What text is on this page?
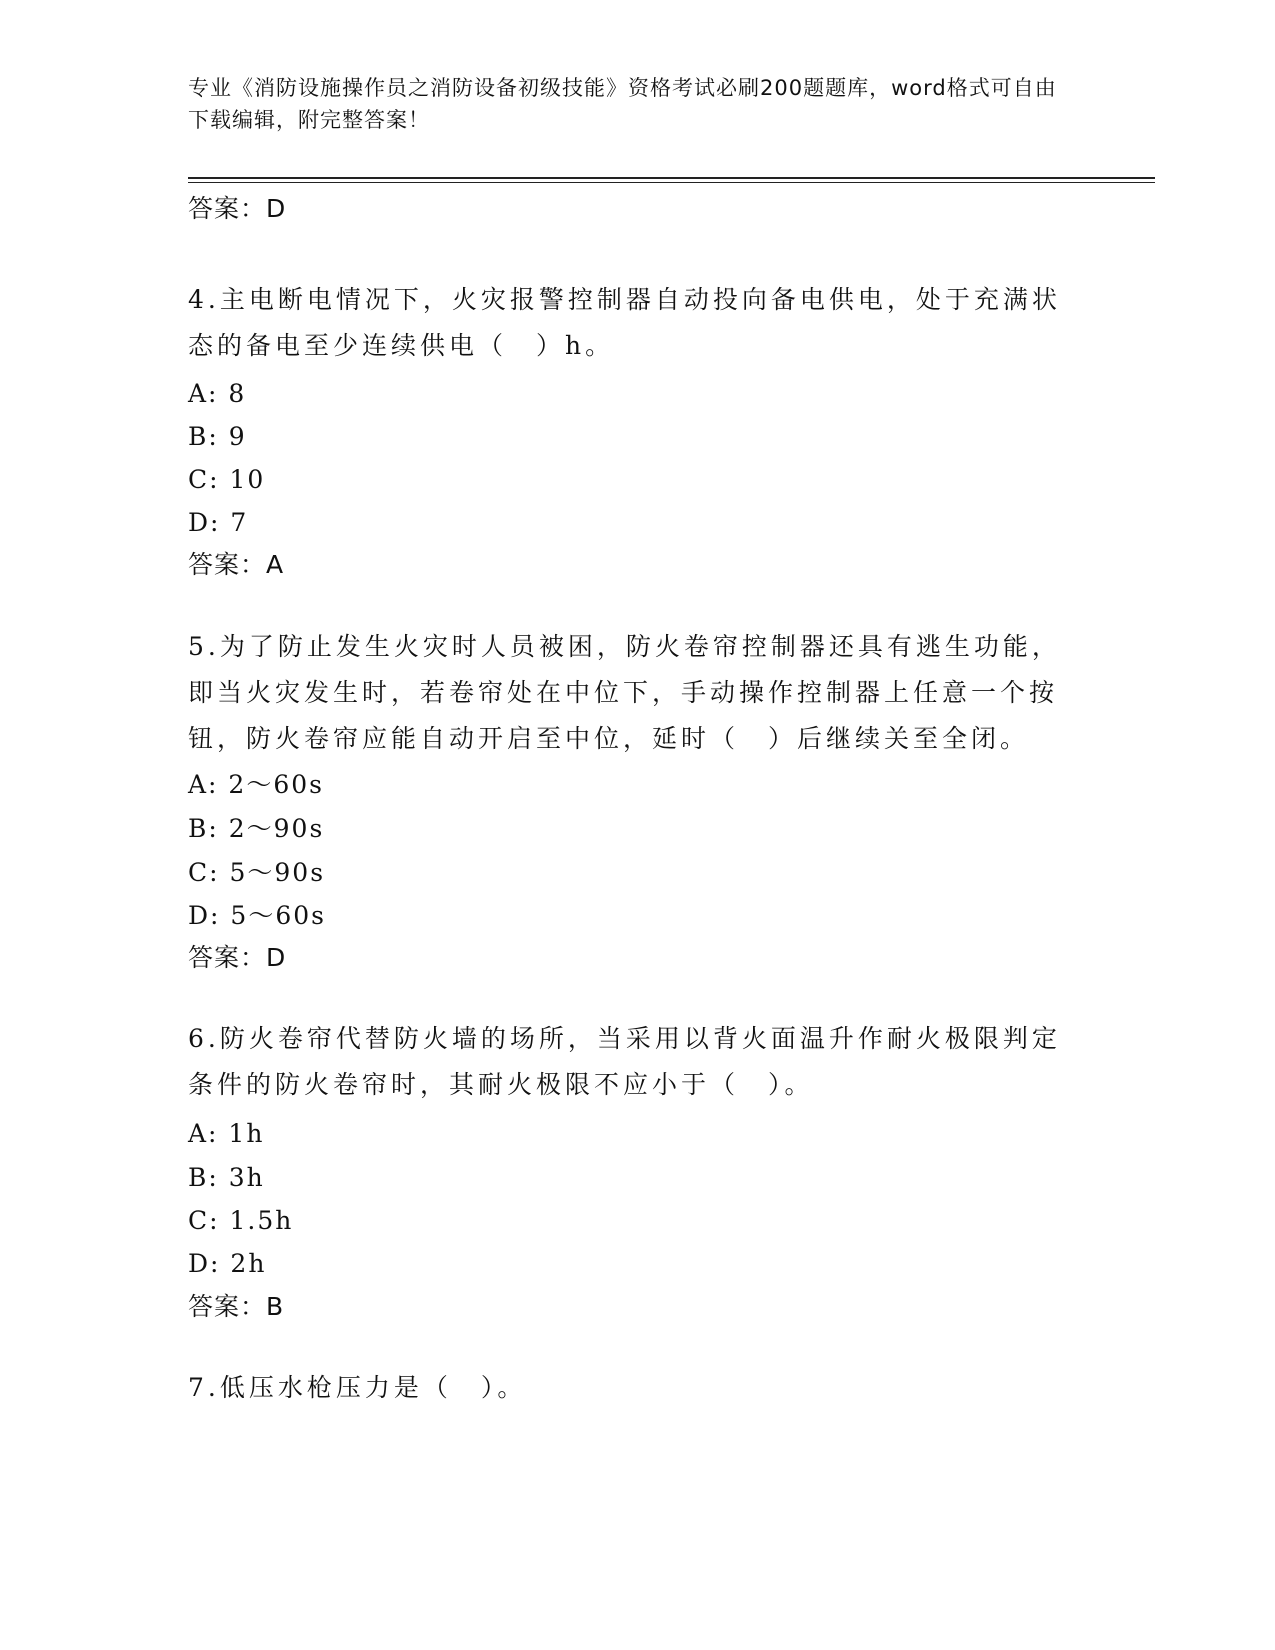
专业《消防设施操作员之消防设备初级技能》资格考试必刷200题题库，word格式可自由下载编辑，附完整答案！
答案：D
4.主电断电情况下，火灾报警控制器自动投向备电供电，处于充满状态的备电至少连续供电（　）h。
A: 8
B: 9
C: 10
D: 7
答案：A
5.为了防止发生火灾时人员被困，防火卷帘控制器还具有逃生功能，即当火灾发生时，若卷帘处在中位下，手动操作控制器上任意一个按钮，防火卷帘应能自动开启至中位，延时（　）后继续关至全闭。
A: 2～60s
B: 2～90s
C: 5～90s
D: 5～60s
答案：D
6.防火卷帘代替防火墙的场所，当采用以背火面温升作耐火极限判定条件的防火卷帘时，其耐火极限不应小于（　）。
A: 1h
B: 3h
C: 1.5h
D: 2h
答案：B
7.低压水枪压力是（　）。
